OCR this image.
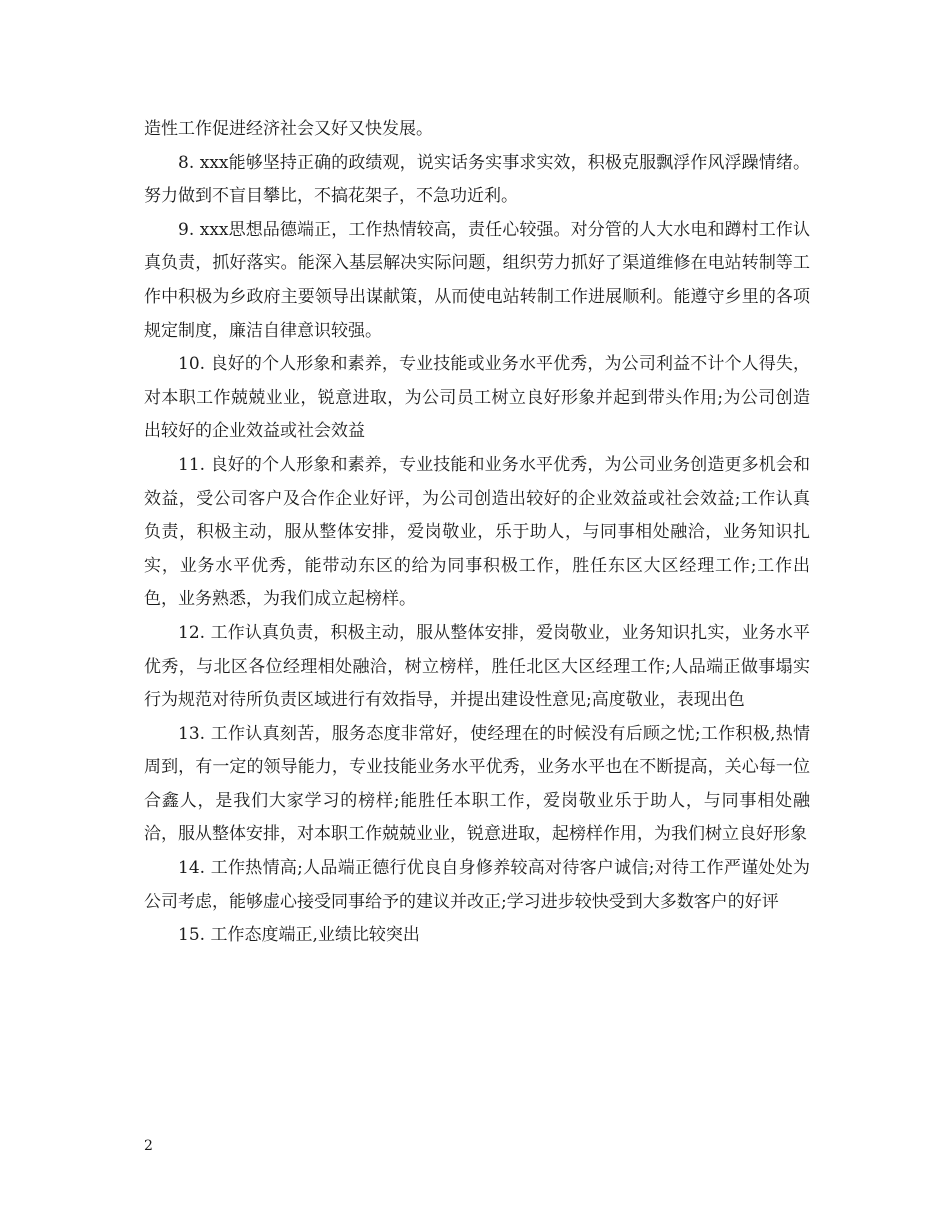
造性工作促进经济社会又好又快发展。

8. xxx能够坚持正确的政绩观，说实话务实事求实效，积极克服飘浮作风浮躁情绪。努力做到不盲目攀比，不搞花架子，不急功近利。

9. xxx思想品德端正，工作热情较高，责任心较强。对分管的人大水电和蹲村工作认真负责，抓好落实。能深入基层解决实际问题，组织劳力抓好了渠道维修在电站转制等工作中积极为乡政府主要领导出谋献策，从而使电站转制工作进展顺利。能遵守乡里的各项规定制度，廉洁自律意识较强。

10. 良好的个人形象和素养，专业技能或业务水平优秀，为公司利益不计个人得失，对本职工作兢兢业业，锐意进取，为公司员工树立良好形象并起到带头作用;为公司创造出较好的企业效益或社会效益

11. 良好的个人形象和素养，专业技能和业务水平优秀，为公司业务创造更多机会和效益，受公司客户及合作企业好评，为公司创造出较好的企业效益或社会效益;工作认真负责，积极主动，服从整体安排，爱岗敬业，乐于助人，与同事相处融洽，业务知识扎实，业务水平优秀，能带动东区的给为同事积极工作，胜任东区大区经理工作;工作出色，业务熟悉，为我们成立起榜样。

12. 工作认真负责，积极主动，服从整体安排，爱岗敬业，业务知识扎实，业务水平优秀，与北区各位经理相处融洽，树立榜样，胜任北区大区经理工作;人品端正做事塌实行为规范对待所负责区域进行有效指导，并提出建设性意见;高度敬业，表现出色

13. 工作认真刻苦，服务态度非常好，使经理在的时候没有后顾之忧;工作积极,热情周到，有一定的领导能力，专业技能业务水平优秀，业务水平也在不断提高，关心每一位合鑫人，是我们大家学习的榜样;能胜任本职工作，爱岗敬业乐于助人，与同事相处融洽，服从整体安排，对本职工作兢兢业业，锐意进取，起榜样作用，为我们树立良好形象

14. 工作热情高;人品端正德行优良自身修养较高对待客户诚信;对待工作严谨处处为公司考虑，能够虚心接受同事给予的建议并改正;学习进步较快受到大多数客户的好评

15. 工作态度端正,业绩比较突出

2
